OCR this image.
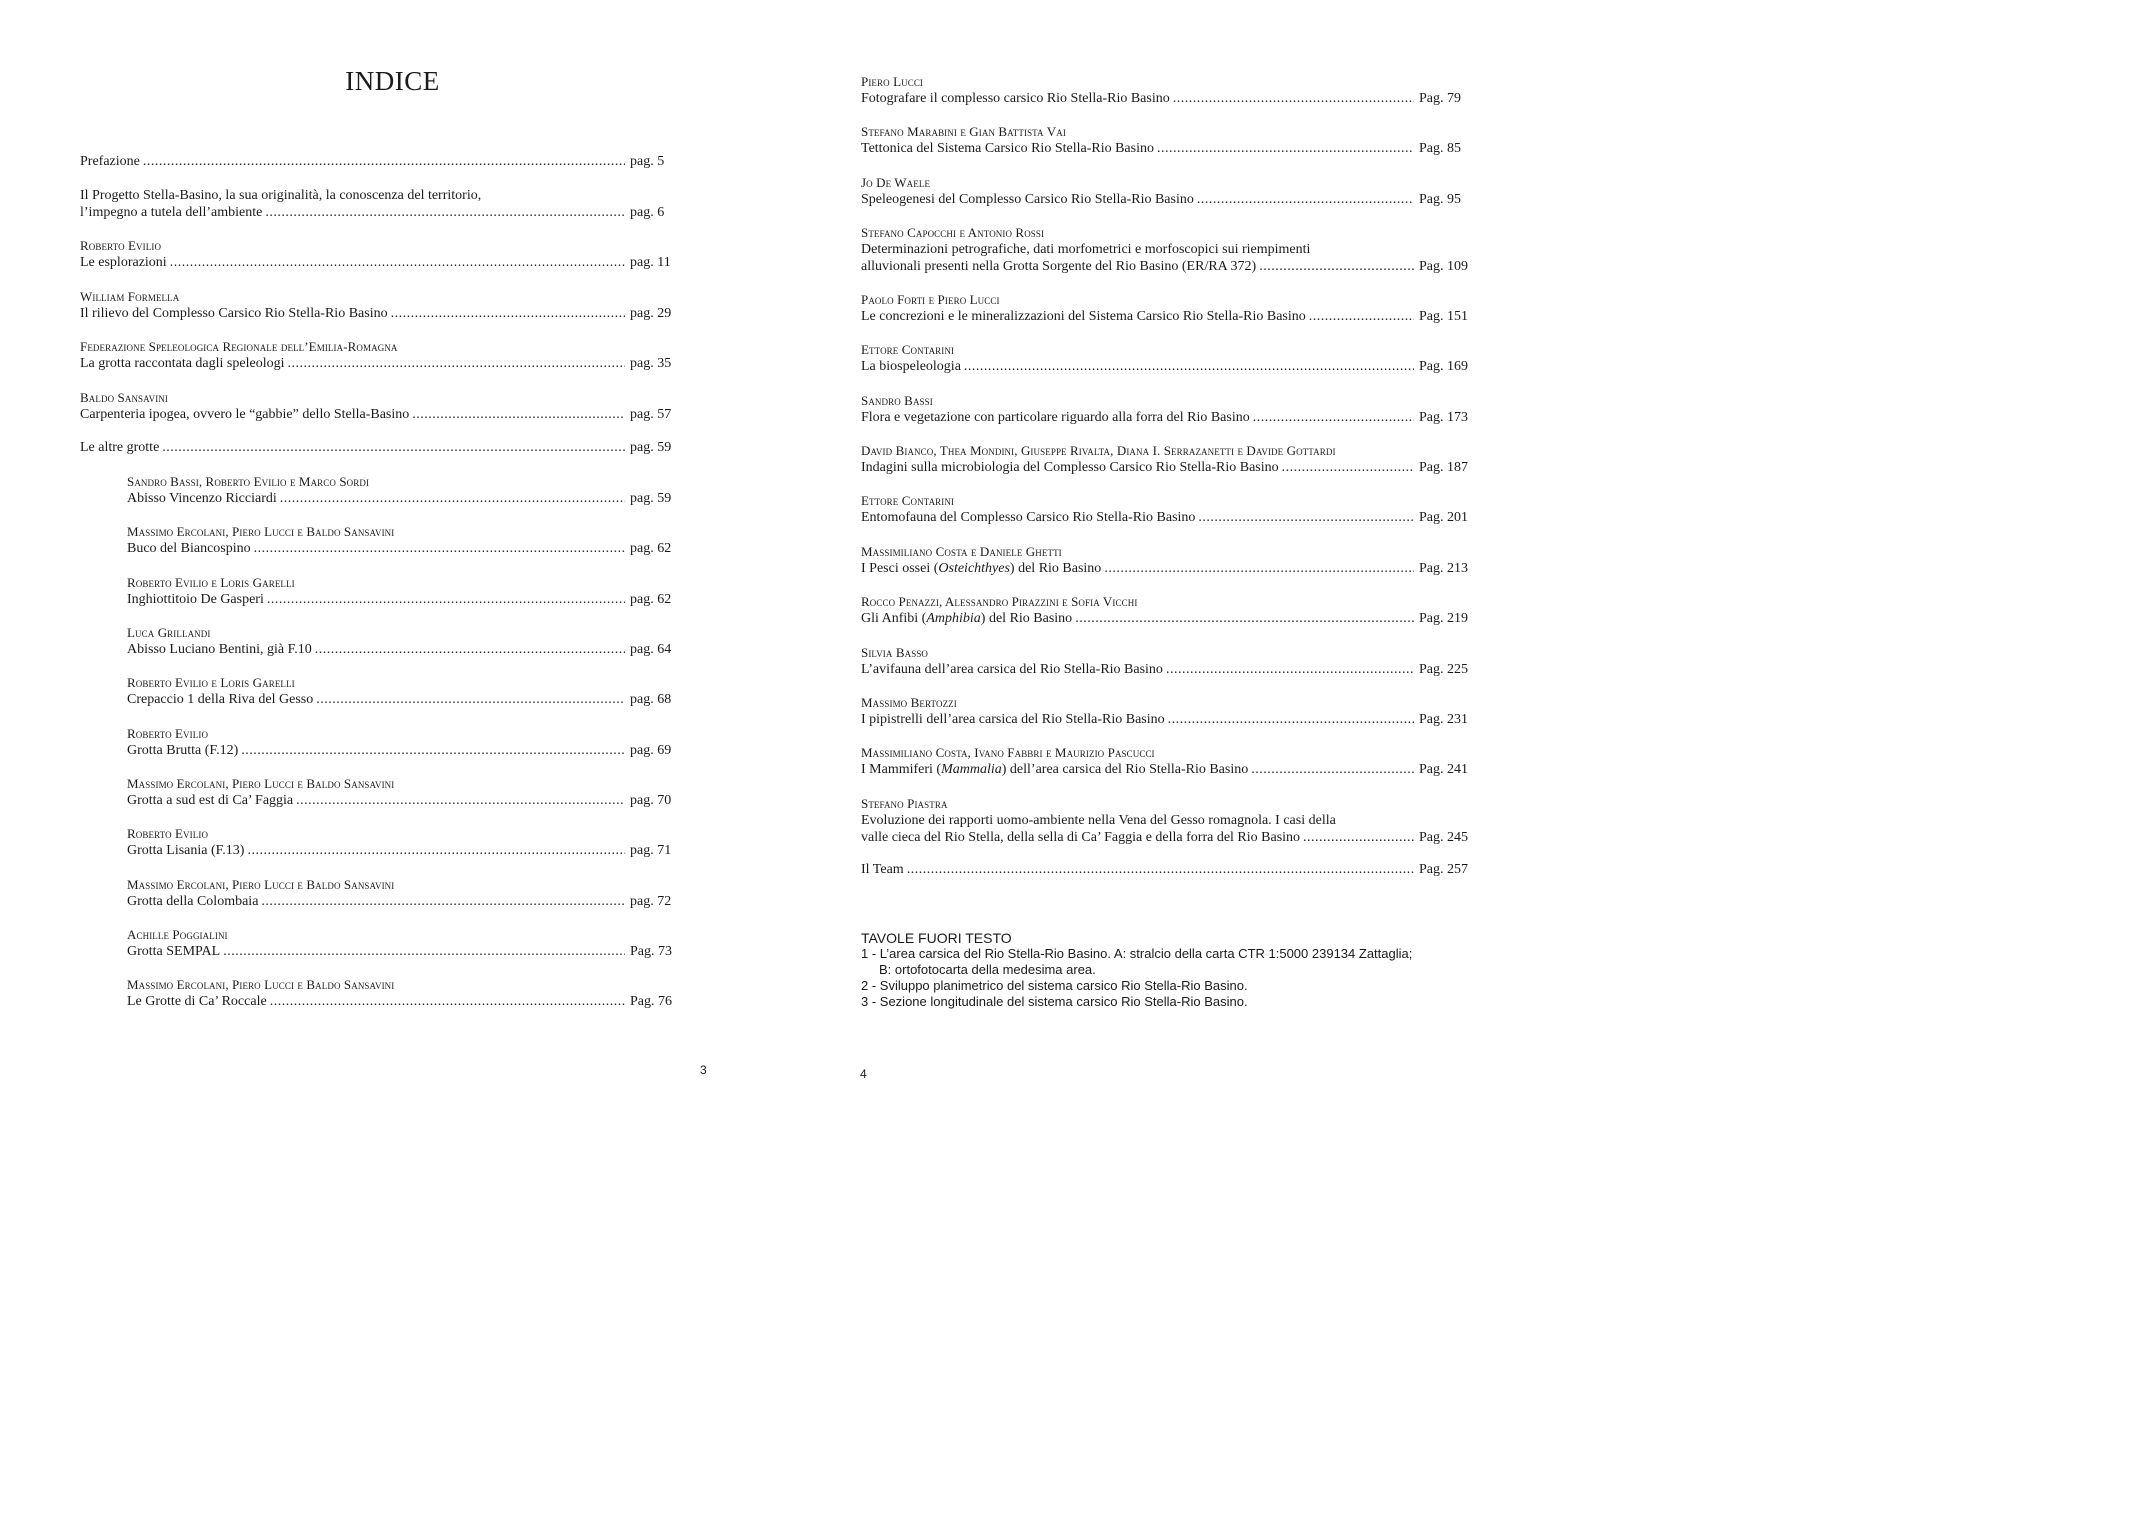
INDICE
3
Prefazione .....	pag. 5
Il Progetto Stella-Basino, la sua originalità, la conoscenza del territorio,
l’impegno a tutela dell’ambiente .....	pag. 6
Roberto Evilio
Le esplorazioni .....	pag. 11
William Formella
Il rilievo del Complesso Carsico Rio Stella-Rio Basino .....	pag. 29
Federazione Speleologica Regionale dell’Emilia-Romagna
La grotta raccontata dagli speleologi .....	pag. 35
Baldo Sansavini
Carpenteria ipogea, ovvero le “gabbie” dello Stella-Basino .....	pag. 57
Le altre grotte .....	pag. 59
Sandro Bassi, Roberto Evilio e Marco Sordi
Abisso Vincenzo Ricciardi .....	pag. 59
Massimo Ercolani, Piero Lucci e Baldo Sansavini
Buco del Biancospino .....	pag. 62
Roberto Evilio e Loris Garelli
Inghiottitoio De Gasperi .....	pag. 62
Luca Grillandi
Abisso Luciano Bentini, già F.10 .....	pag. 64
Roberto Evilio e Loris Garelli
Crepaccio 1 della Riva del Gesso .....	pag. 68
Roberto Evilio
Grotta Brutta (F.12) .....	pag. 69
Massimo Ercolani, Piero Lucci e Baldo Sansavini
Grotta a sud est di Ca’ Faggia .....	pag. 70
Roberto Evilio
Grotta Lisania (F.13) .....	pag. 71
Massimo Ercolani, Piero Lucci e Baldo Sansavini
Grotta della Colombaia .....	pag. 72
Achille Poggialini
Grotta SEMPAL .....	Pag. 73
Massimo Ercolani, Piero Lucci e Baldo Sansavini
Le Grotte di Ca’ Roccale .....	Pag. 76
TAVOLE FUORI TESTO
1 - L’area carsica del Rio Stella-Rio Basino. A: stralcio della carta CTR 1:5000 239134 Zattaglia;
B: ortofotocarta della medesima area.
2 - Sviluppo planimetrico del sistema carsico Rio Stella-Rio Basino.
3 - Sezione longitudinale del sistema carsico Rio Stella-Rio Basino.
4
Piero Lucci
Fotografare il complesso carsico Rio Stella-Rio Basino .....	Pag. 79
Stefano Marabini e Gian Battista Vai
Tettonica del Sistema Carsico Rio Stella-Rio Basino .....	Pag. 85
Jo De Waele
Speleogenesi del Complesso Carsico Rio Stella-Rio Basino .....	Pag. 95
Stefano Capocchi e Antonio Rossi
Determinazioni petrografiche, dati morfometrici e morfoscopici sui riempimenti
alluvionali presenti nella Grotta Sorgente del Rio Basino (ER/RA 372) .....	Pag. 109
Paolo Forti e Piero Lucci
Le concrezioni e le mineralizzazioni del Sistema Carsico Rio Stella-Rio Basino .....	Pag. 151
Ettore Contarini
La biospeleologia .....	Pag. 169
Sandro Bassi
Flora e vegetazione con particolare riguardo alla forra del Rio Basino .....	Pag. 173
David Bianco, Thea Mondini, Giuseppe Rivalta, Diana I. Serrazanetti e Davide Gottardi
Indagini sulla microbiologia del Complesso Carsico Rio Stella-Rio Basino .....	Pag. 187
Ettore Contarini
Entomofauna del Complesso Carsico Rio Stella-Rio Basino .....	Pag. 201
Massimiliano Costa e Daniele Ghetti
I Pesci ossei (Osteichthyes) del Rio Basino .....	Pag. 213
Rocco Penazzi, Alessandro Pirazzini e Sofia Vicchi
Gli Anfibi (Amphibia) del Rio Basino .....	Pag. 219
Silvia Basso
L’avifauna dell’area carsica del Rio Stella-Rio Basino .....	Pag. 225
Massimo Bertozzi
I pipistrelli dell’area carsica del Rio Stella-Rio Basino .....	Pag. 231
Massimiliano Costa, Ivano Fabbri e Maurizio Pascucci
I Mammiferi (Mammalia) dell’area carsica del Rio Stella-Rio Basino .....	Pag. 241
Stefano Piastra
Evoluzione dei rapporti uomo-ambiente nella Vena del Gesso romagnola. I casi della
valle cieca del Rio Stella, della sella di Ca’ Faggia e della forra del Rio Basino .....	Pag. 245
Il Team .....	Pag. 257
